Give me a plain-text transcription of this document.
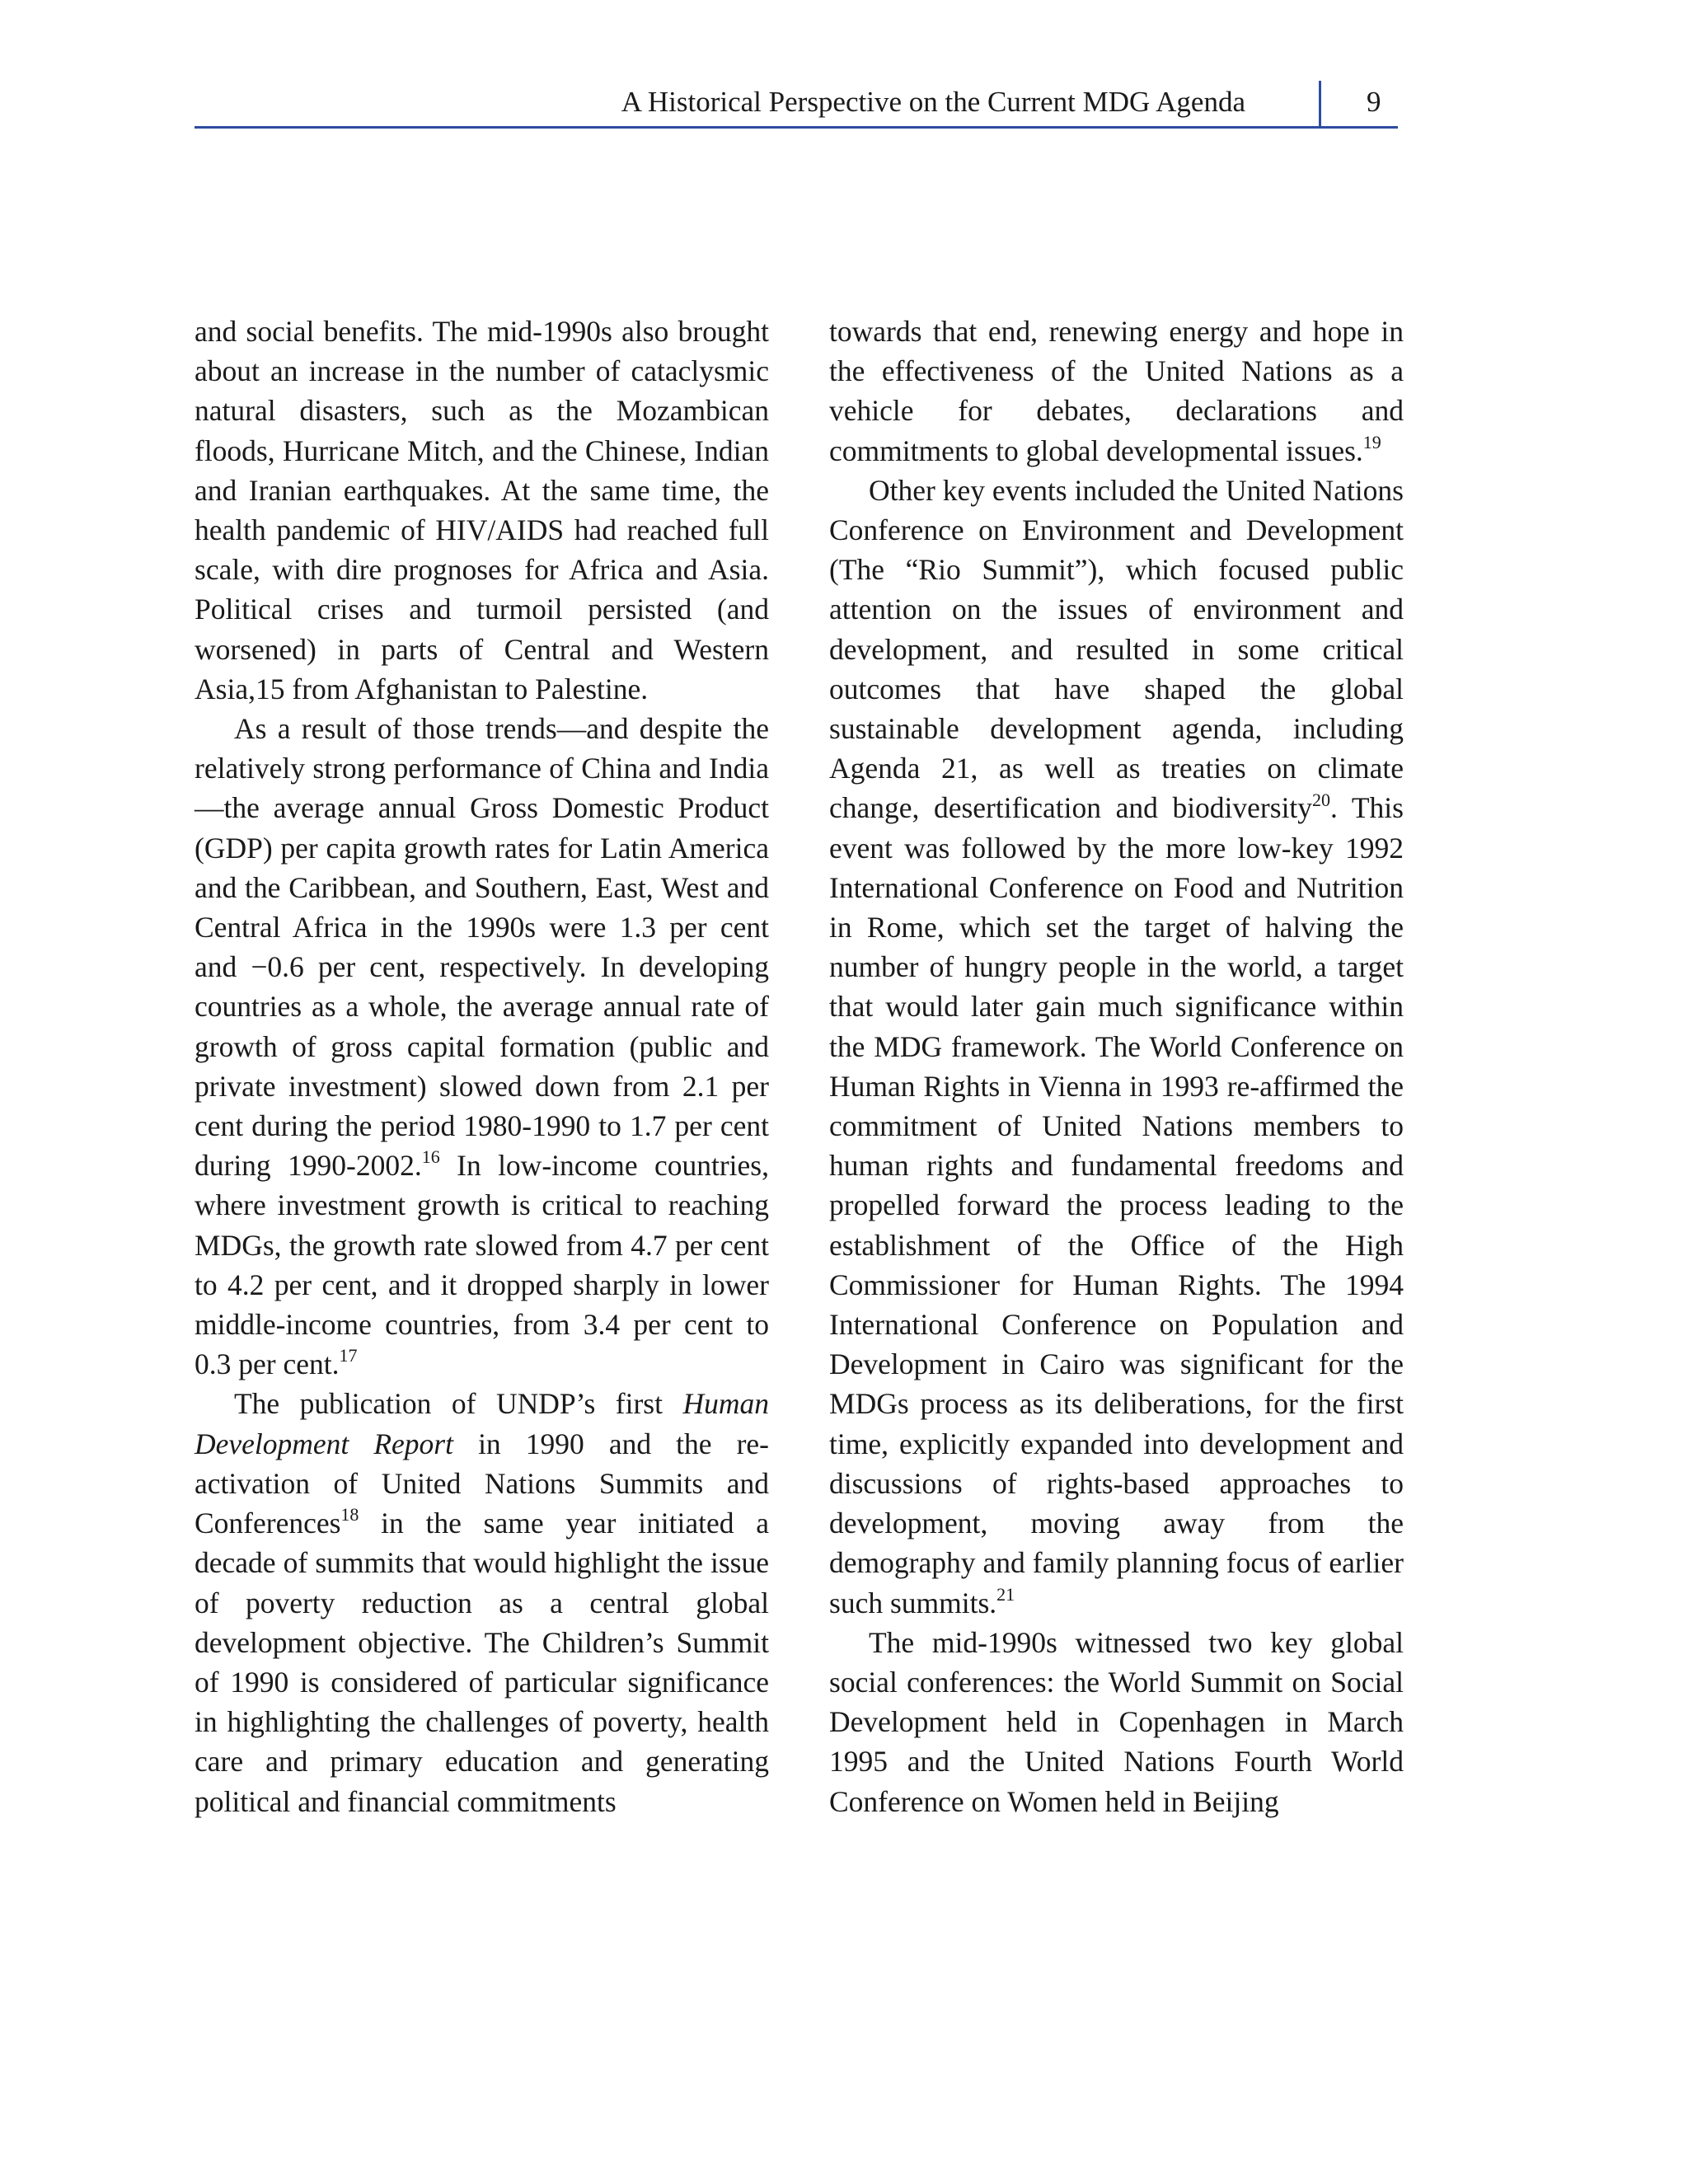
A Historical Perspective on the Current MDG Agenda	9

and social benefits. The mid-1990s also brought about an increase in the number of cataclysmic natural disasters, such as the Mozambican floods, Hurricane Mitch, and the Chinese, Indian and Iranian earthquakes. At the same time, the health pandemic of HIV/AIDS had reached full scale, with dire prognoses for Africa and Asia. Political crises and turmoil persisted (and worsened) in parts of Central and Western Asia,15 from Afghanistan to Palestine.

As a result of those trends—and despite the relatively strong performance of China and India—the average annual Gross Domestic Product (GDP) per capita growth rates for Latin America and the Caribbean, and Southern, East, West and Central Africa in the 1990s were 1.3 per cent and −0.6 per cent, respectively. In developing countries as a whole, the average annual rate of growth of gross capital formation (public and private investment) slowed down from 2.1 per cent during the period 1980-1990 to 1.7 per cent during 1990-2002.16 In low-income countries, where investment growth is critical to reaching MDGs, the growth rate slowed from 4.7 per cent to 4.2 per cent, and it dropped sharply in lower middle-income countries, from 3.4 per cent to 0.3 per cent.$^{17}$

The publication of UNDP’s first Human Development Report in 1990 and the re-activation of United Nations Summits and Conferences$^{18}$ in the same year initiated a decade of summits that would highlight the issue of poverty reduction as a central global development objective. The Children’s Summit of 1990 is considered of particular significance in highlighting the challenges of poverty, health care and primary education and generating political and financial commitments

towards that end, renewing energy and hope in the effectiveness of the United Nations as a vehicle for debates, declarations and commitments to global developmental issues.$^{19}$

Other key events included the United Nations Conference on Environment and Development (The “Rio Summit”), which focused public attention on the issues of environment and development, and resulted in some critical outcomes that have shaped the global sustainable development agenda, including Agenda 21, as well as treaties on climate change, desertification and biodiversity$^{20}$. This event was followed by the more low-key 1992 International Conference on Food and Nutrition in Rome, which set the target of halving the number of hungry people in the world, a target that would later gain much significance within the MDG framework. The World Conference on Human Rights in Vienna in 1993 re-affirmed the commitment of United Nations members to human rights and fundamental freedoms and propelled forward the process leading to the establishment of the Office of the High Commissioner for Human Rights. The 1994 International Conference on Population and Development in Cairo was significant for the MDGs process as its deliberations, for the first time, explicitly expanded into development and discussions of rights-based approaches to development, moving away from the demography and family planning focus of earlier such summits.$^{21}$

The mid-1990s witnessed two key global social conferences: the World Summit on Social Development held in Copenhagen in March 1995 and the United Nations Fourth World Conference on Women held in Beijing
